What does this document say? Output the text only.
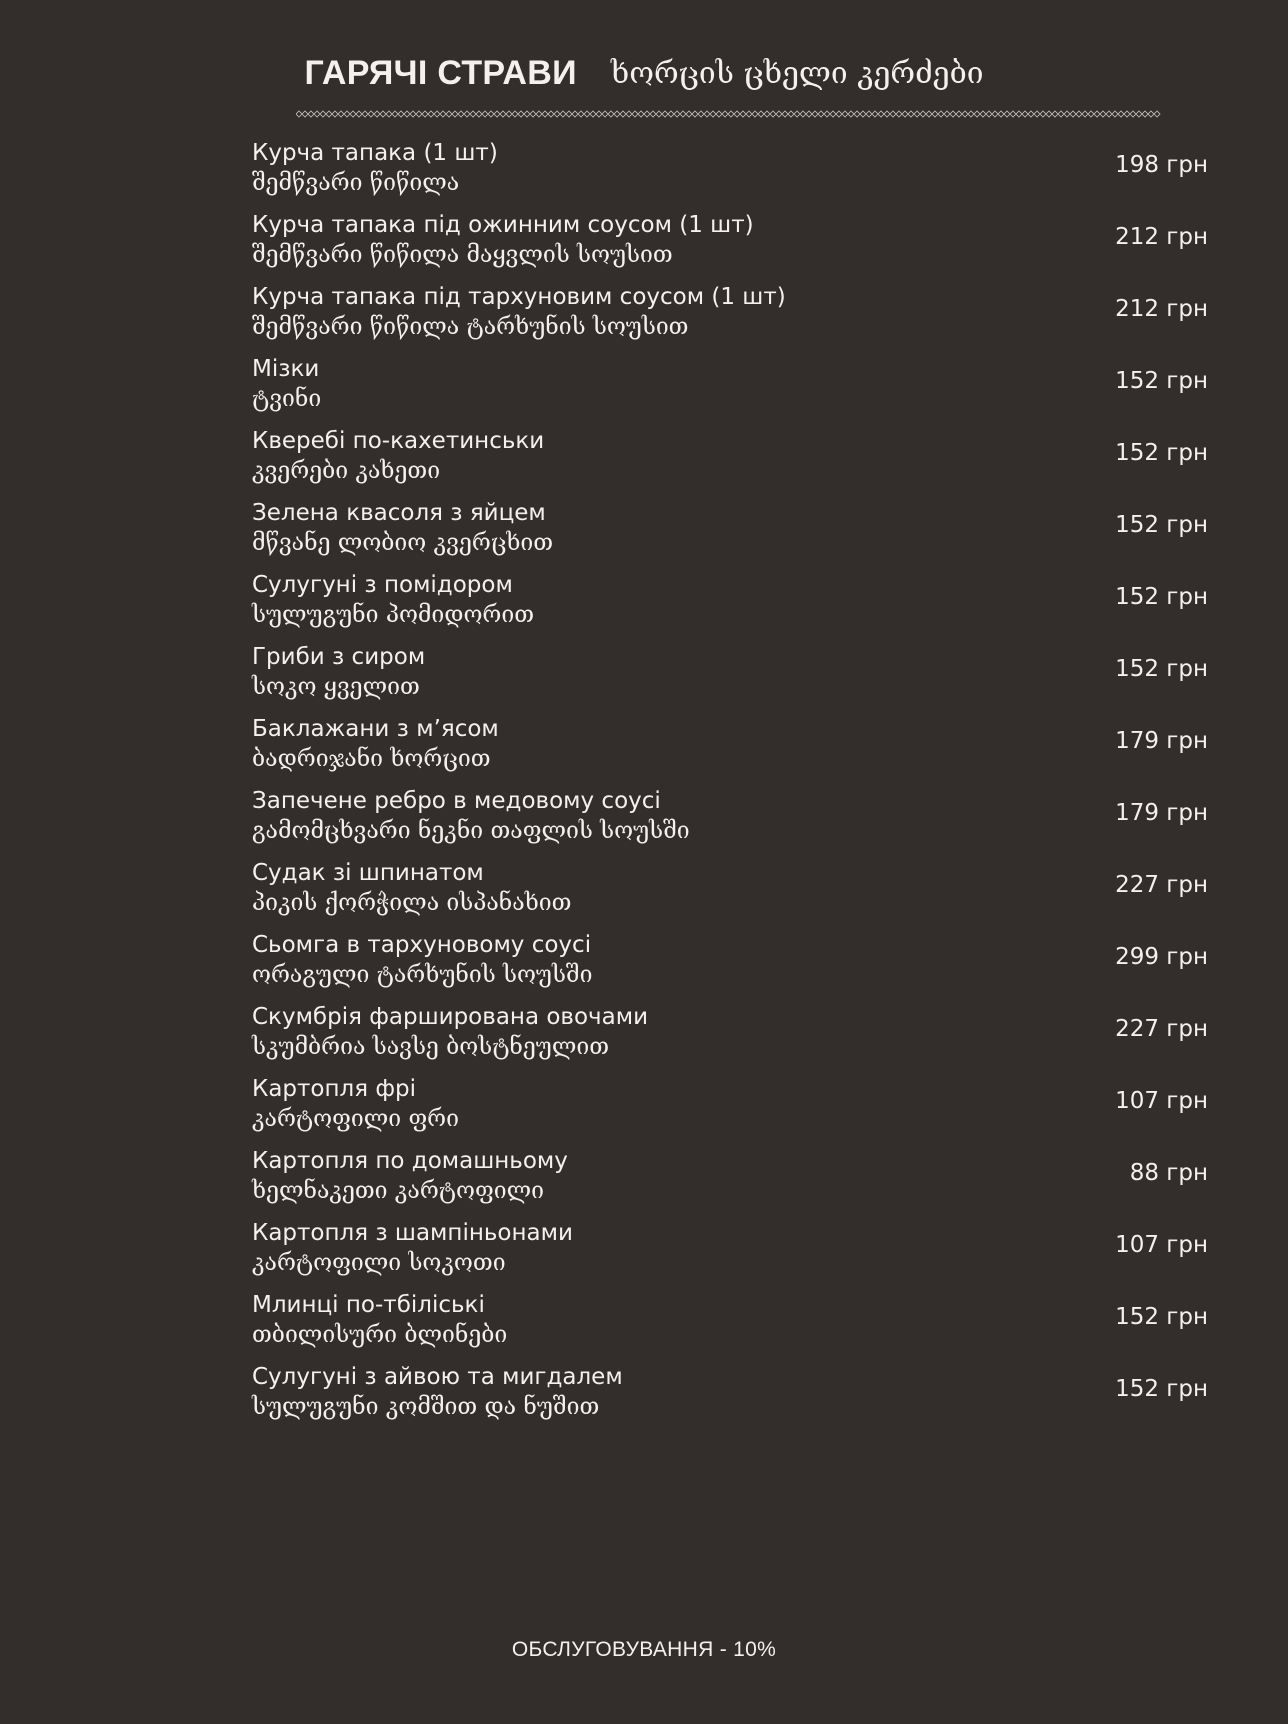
ГАРЯЧІ СТРАВИ ხორცის ცხელი კერძები
Курча тапака (1 шт)
შემწვარი წიწილა
198 грн
Курча тапака під ожинним соусом (1 шт)
შემწვარი წიწილა მაყვლის სოუსით
212 грн
Курча тапака під тархуновим соусом (1 шт)
შემწვარი წიწილა ტარხუნის სოუსით
212 грн
Мізки
ტვინი
152 грн
Кверебі по-кахетинськи
კვერები კახეთი
152 грн
Зелена квасоля з яйцем
მწვანე ლობიო კვერცხით
152 грн
Сулугуні з помідором
სულუგუნი პომიდორით
152 грн
Гриби з сиром
სოკო ყველით
152 грн
Баклажани з м’ясом
ბადრიჯანი ხორცით
179 грн
Запечене ребро в медовому соусі
გამომცხვარი ნეკნი თაფლის სოუსში
179 грн
Судак зі шпинатом
პიკის ქორჭილა ისპანახით
227 грн
Сьомга в тархуновому соусі
ორაგული ტარხუნის სოუსში
299 грн
Скумбрія фарширована овочами
სკუმბრია სავსე ბოსტნეულით
227 грн
Картопля фрі
კარტოფილი ფრი
107 грн
Картопля по домашньому
ხელნაკეთი კარტოფილი
88 грн
Картопля з шампіньонами
კარტოფილი სოკოთი
107 грн
Млинці по-тбіліські
თბილისური ბლინები
152 грн
Сулугуні з айвою та мигдалем
სულუგუნი კომშით და ნუშით
152 грн
ОБСЛУГОВУВАННЯ - 10%
